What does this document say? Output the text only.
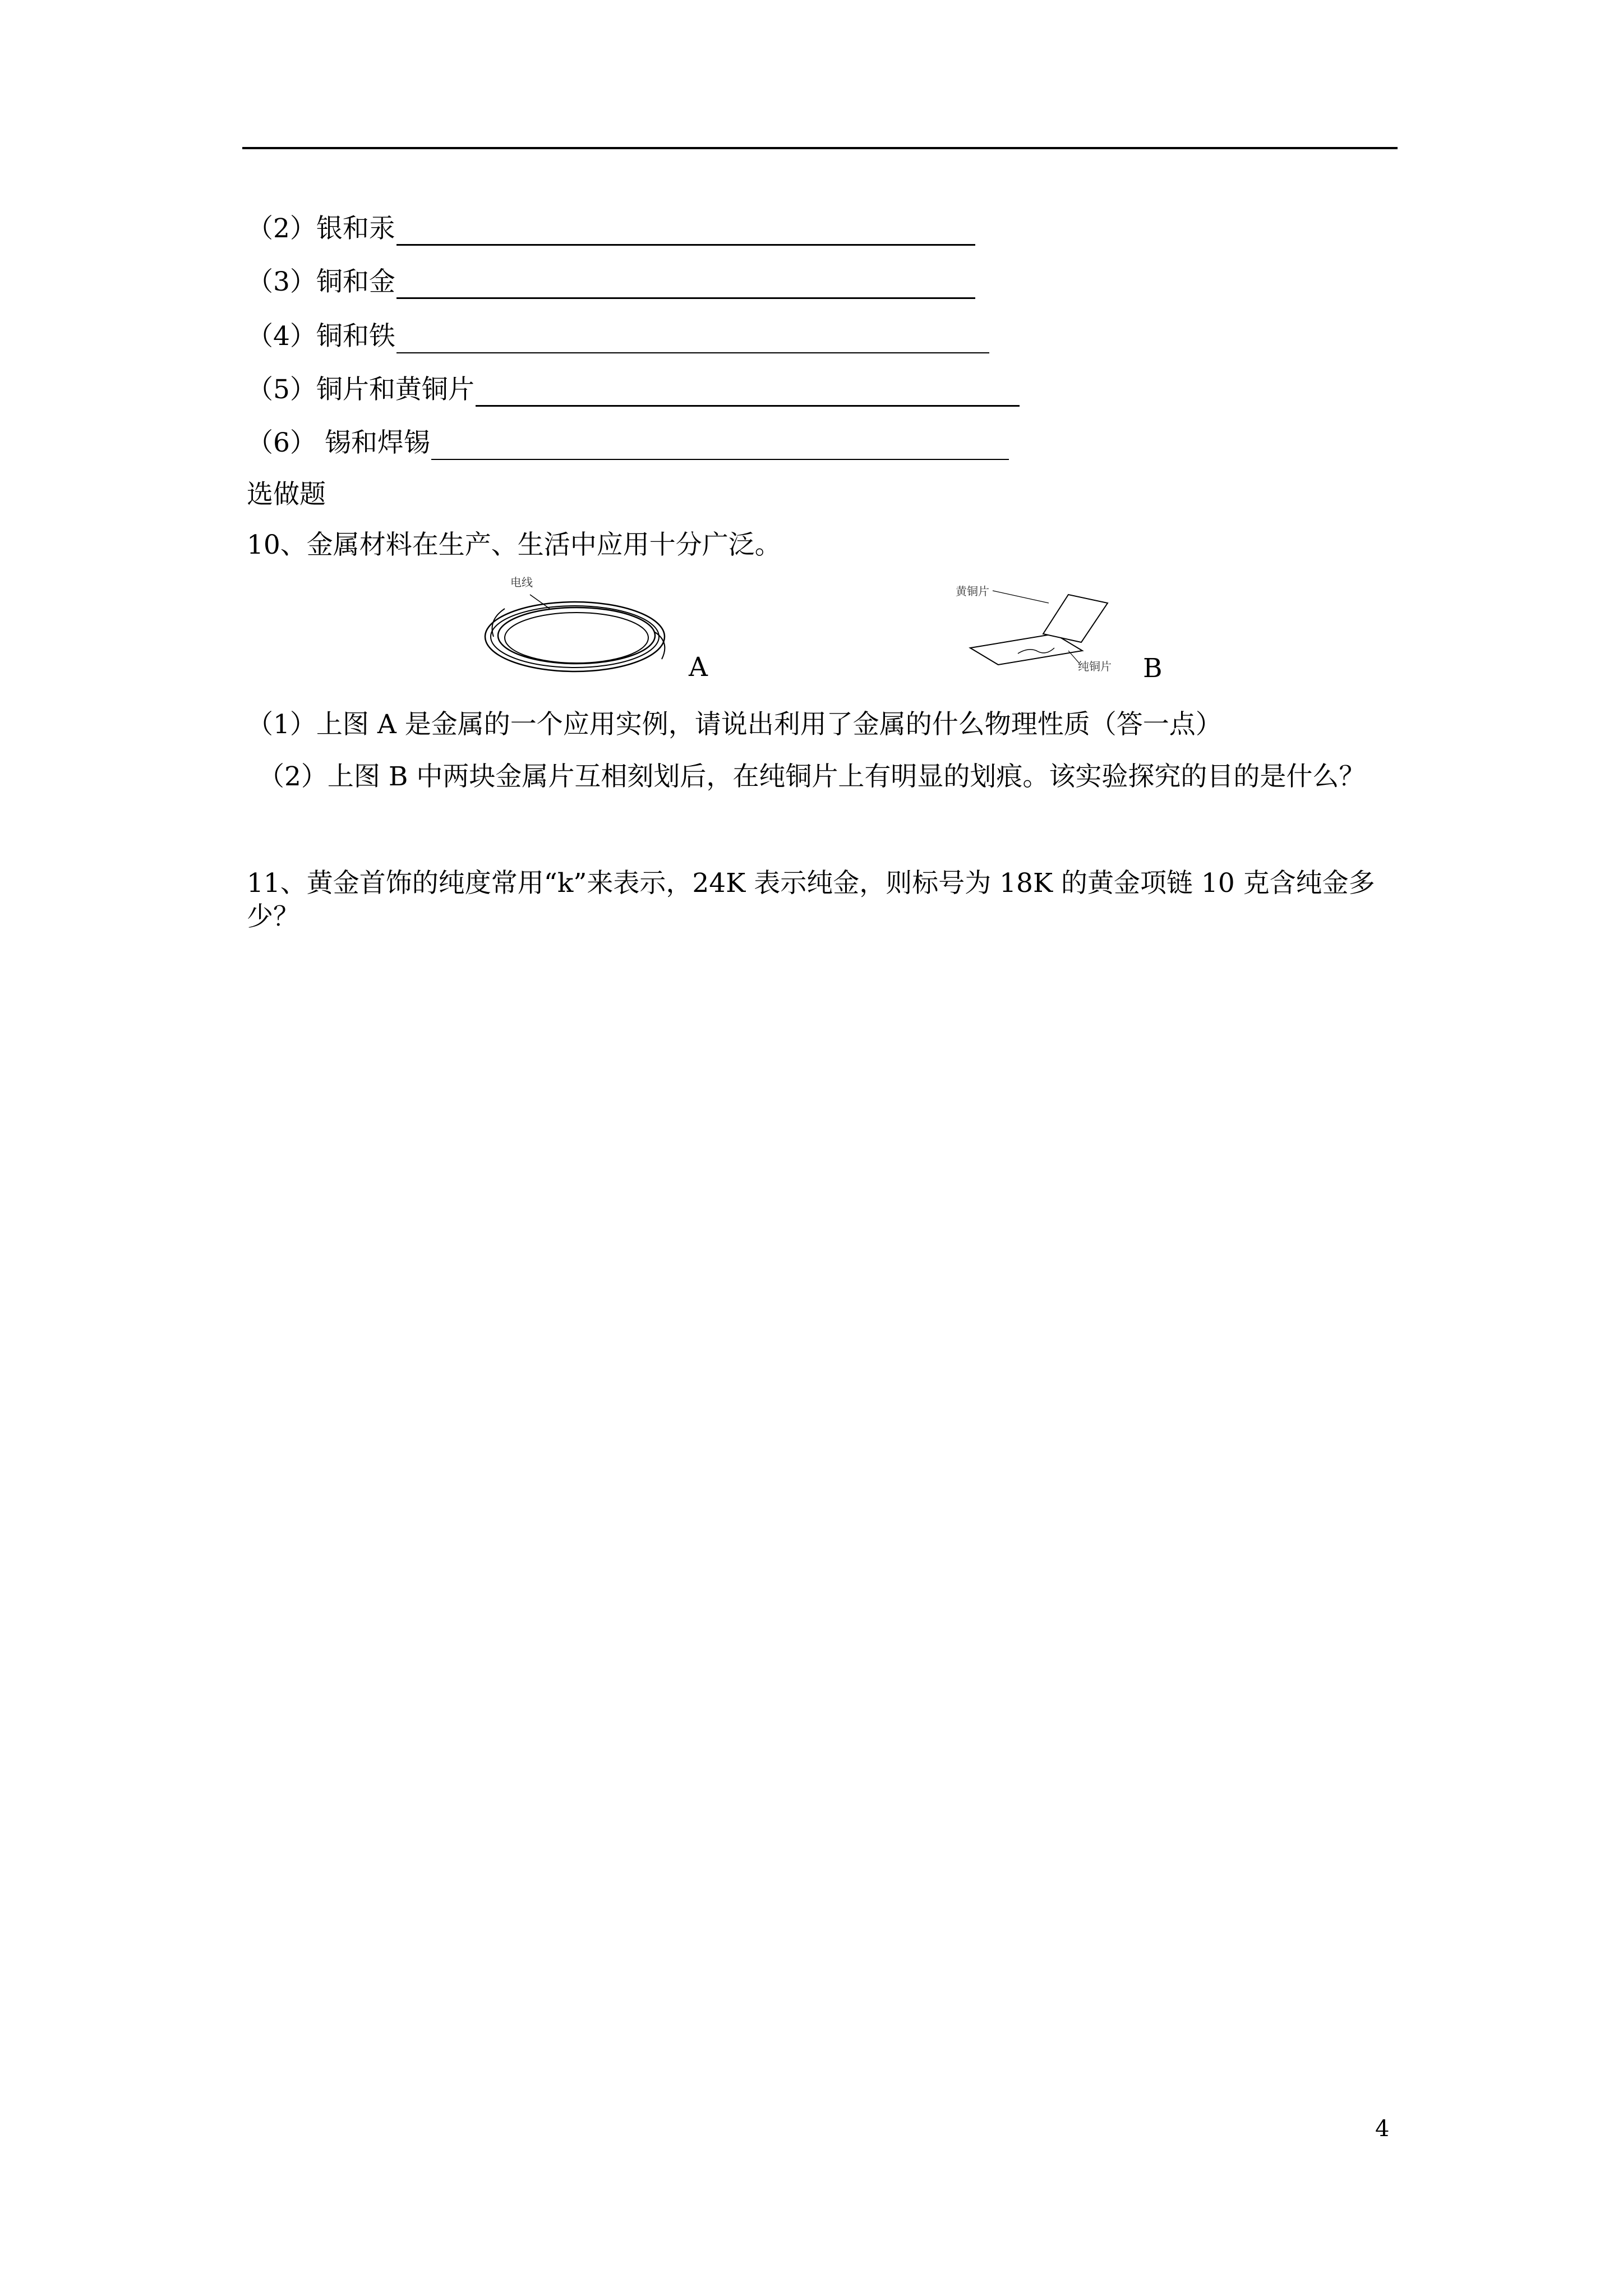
（2）银和汞
（3）铜和金
（4）铜和铁
（5）铜片和黄铜片
（6） 锡和焊锡
选做题
10、金属材料在生产、生活中应用十分广泛。
电线
A
黄铜片
纯铜片 B
（1）上图 A 是金属的一个应用实例，请说出利用了金属的什么物理性质（答一点）
（2）上图 B 中两块金属片互相刻划后，在纯铜片上有明显的划痕。该实验探究的目的是什么？
11、黄金首饰的纯度常用“k”来表示，24K 表示纯金，则标号为 18K 的黄金项链 10 克含纯金多少？
4
